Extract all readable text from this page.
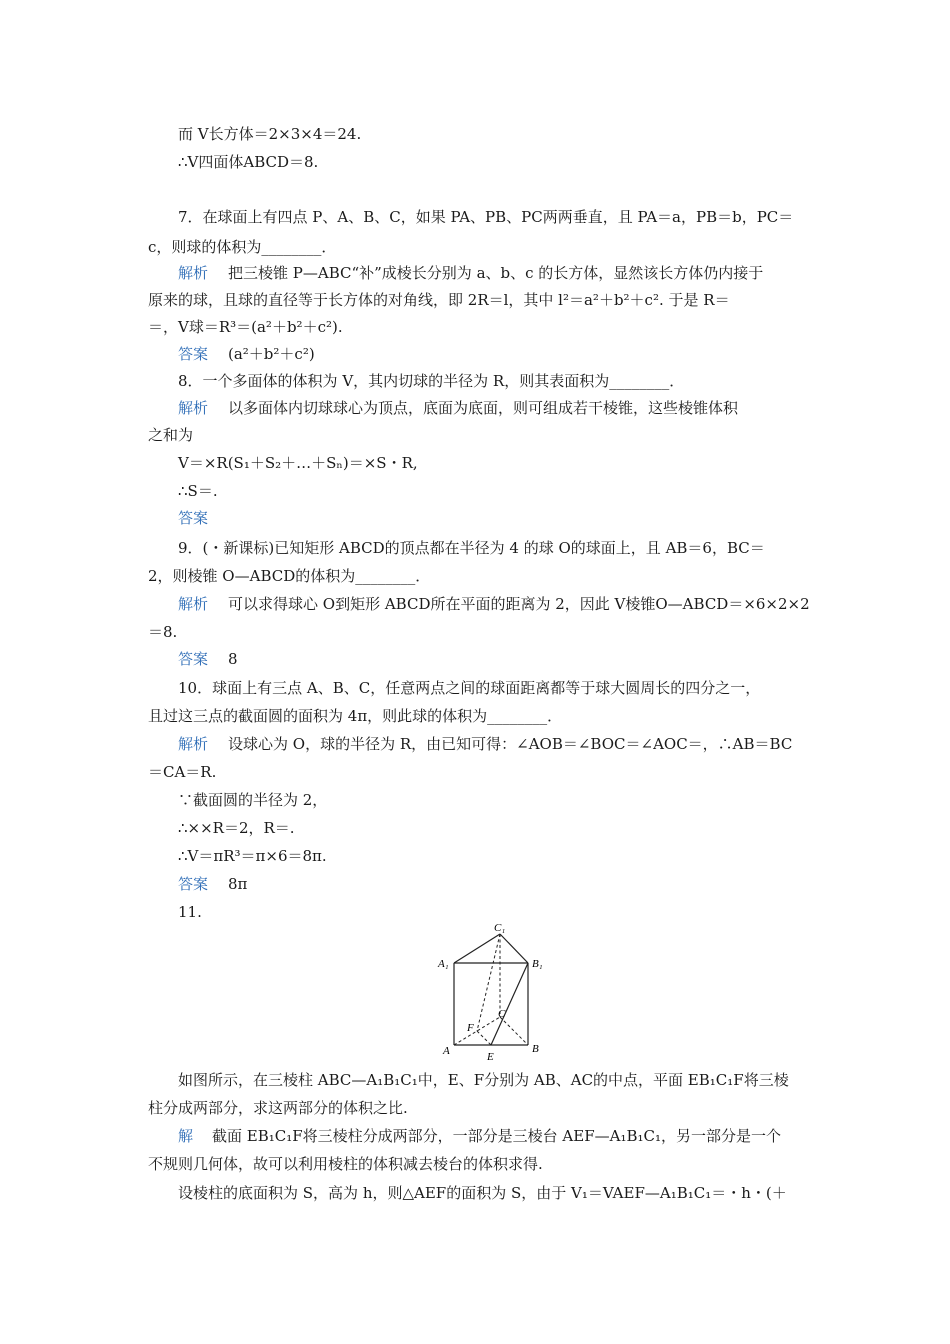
而 V长方体＝2×3×4＝24.
∴V四面体ABCD＝8.
7．在球面上有四点 P、A、B、C，如果 PA、PB、PC两两垂直，且 PA＝a，PB＝b，PC＝
c，则球的体积为________．
解析 把三棱锥 P—ABC“补”成棱长分别为 a、b、c 的长方体，显然该长方体仍内接于
原来的球，且球的直径等于长方体的对角线，即 2R＝l，其中 l²＝a²＋b²＋c². 于是 R＝
＝，V球＝R³＝(a²＋b²＋c²).
答案 (a²＋b²＋c²)
8．一个多面体的体积为 V，其内切球的半径为 R，则其表面积为________．
解析 以多面体内切球球心为顶点，底面为底面，则可组成若干棱锥，这些棱锥体积
之和为
V＝×R(S₁＋S₂＋…＋Sₙ)＝×S・R,
∴S＝.
答案
9．(・新课标)已知矩形 ABCD的顶点都在半径为 4 的球 O的球面上，且 AB＝6，BC＝
2，则棱锥 O—ABCD的体积为________．
解析 可以求得球心 O到矩形 ABCD所在平面的距离为 2，因此 V棱锥O—ABCD＝×6×2×2
＝8.
答案 8
10．球面上有三点 A、B、C，任意两点之间的球面距离都等于球大圆周长的四分之一，
且过这三点的截面圆的面积为 4π，则此球的体积为________．
解析 设球心为 O，球的半径为 R，由已知可得：∠AOB＝∠BOC＝∠AOC＝，∴AB＝BC
＝CA＝R.
∵截面圆的半径为 2，
∴××R＝2，R＝.
∴V＝πR³＝π×6＝8π.
答案 8π
11.
C₁
A₁	B₁
C
F
A	E
B
如图所示，在三棱柱 ABC—A₁B₁C₁中，E、F分别为 AB、AC的中点，平面 EB₁C₁F将三棱
柱分成两部分，求这两部分的体积之比.
解 截面 EB₁C₁F将三棱柱分成两部分，一部分是三棱台 AEF—A₁B₁C₁，另一部分是一个
不规则几何体，故可以利用棱柱的体积减去棱台的体积求得.
设棱柱的底面积为 S，高为 h，则△AEF的面积为 S，由于 V₁＝VAEF—A₁B₁C₁＝・h・(＋
